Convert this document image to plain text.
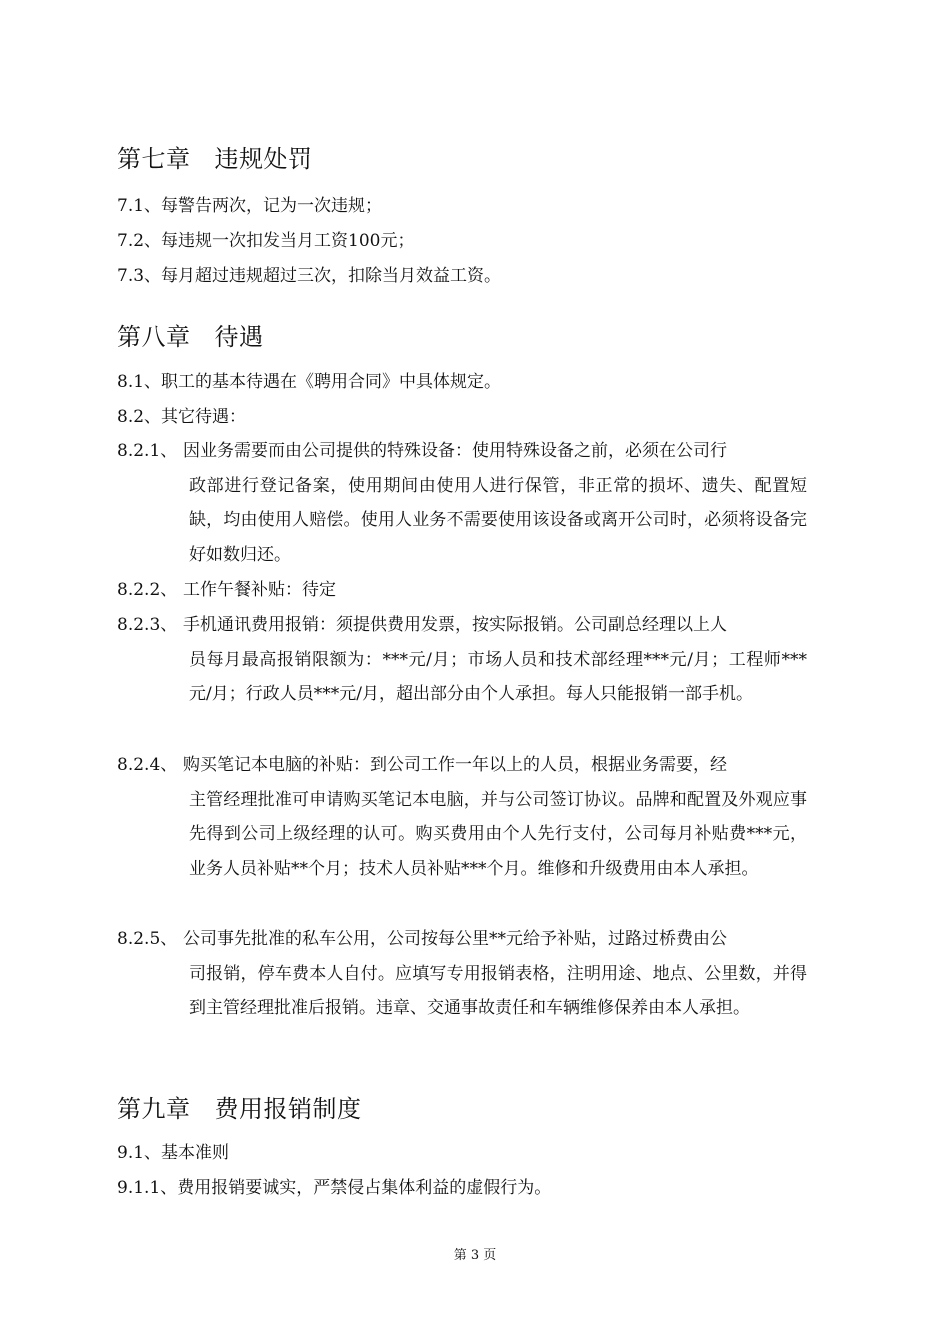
第七章 违规处罚
7.1、每警告两次，记为一次违规；
7.2、每违规一次扣发当月工资100元；
7.3、每月超过违规超过三次，扣除当月效益工资。
第八章 待遇
8.1、职工的基本待遇在《聘用合同》中具体规定。
8.2、其它待遇：
8.2.1、 因业务需要而由公司提供的特殊设备：使用特殊设备之前，必须在公司行
政部进行登记备案，使用期间由使用人进行保管，非正常的损坏、遗失、配置短缺，均由使用人赔偿。使用人业务不需要使用该设备或离开公司时，必须将设备完好如数归还。
8.2.2、 工作午餐补贴：待定
8.2.3、 手机通讯费用报销：须提供费用发票，按实际报销。公司副总经理以上人
员每月最高报销限额为：***元/月；市场人员和技术部经理***元/月；工程师***元/月；行政人员***元/月，超出部分由个人承担。每人只能报销一部手机。
8.2.4、 购买笔记本电脑的补贴：到公司工作一年以上的人员，根据业务需要，经
主管经理批准可申请购买笔记本电脑，并与公司签订协议。品牌和配置及外观应事先得到公司上级经理的认可。购买费用由个人先行支付，公司每月补贴费***元，业务人员补贴**个月；技术人员补贴***个月。维修和升级费用由本人承担。
8.2.5、 公司事先批准的私车公用，公司按每公里**元给予补贴，过路过桥费由公
司报销，停车费本人自付。应填写专用报销表格，注明用途、地点、公里数，并得到主管经理批准后报销。违章、交通事故责任和车辆维修保养由本人承担。
第九章 费用报销制度
9.1、基本准则
9.1.1、费用报销要诚实，严禁侵占集体利益的虚假行为。
第 3 页
